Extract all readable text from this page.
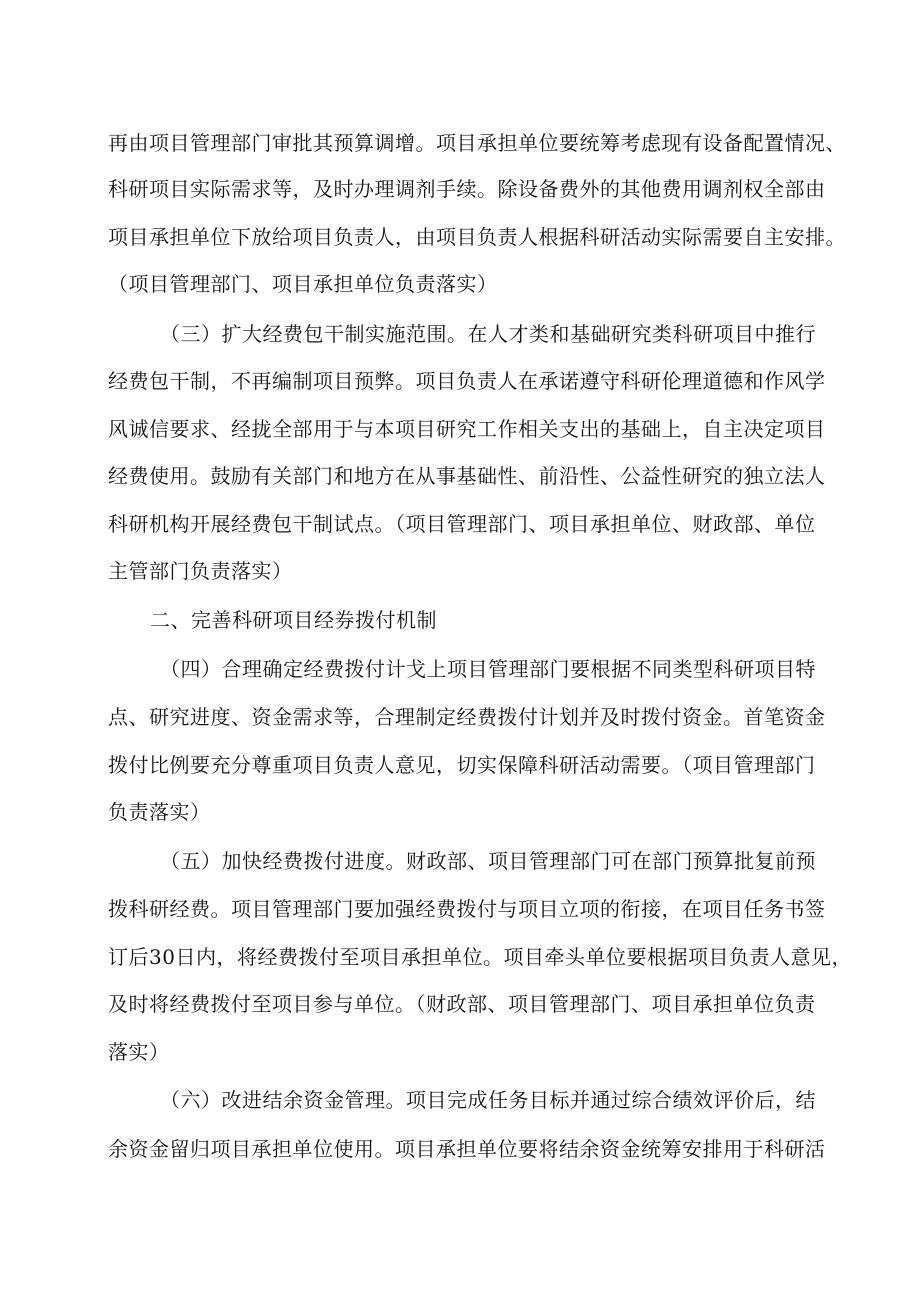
再由项目管理部门审批其预算调增。项目承担单位要统筹考虑现有设备配置情况、
科研项目实际需求等，及时办理调剂手续。除设备费外的其他费用调剂权全部由
项目承担单位下放给项目负责人，由项目负责人根据科研活动实际需要自主安排。
（项目管理部门、项目承担单位负责落实）
（三）扩大经费包干制实施范围。在人才类和基础研究类科研项目中推行
经费包干制，不再编制项目预弊。项目负责人在承诺遵守科研伦理道德和作风学
风诚信要求、经拢全部用于与本项目研究工作相关支出的基础上，自主决定项目
经费使用。鼓励有关部门和地方在从事基础性、前沿性、公益性研究的独立法人
科研机构开展经费包干制试点。（项目管理部门、项目承担单位、财政部、单位
主管部门负责落实）
二、完善科研项目经券拨付机制
（四）合理确定经费拨付计戈上项目管理部门要根据不同类型科研项目特
点、研究进度、资金需求等，合理制定经费拨付计划并及时拨付资金。首笔资金
拨付比例要充分尊重项目负责人意见，切实保障科研活动需要。（项目管理部门
负责落实）
（五）加快经费拨付进度。财政部、项目管理部门可在部门预算批复前预
拨科研经费。项目管理部门要加强经费拨付与项目立项的衔接，在项目任务书签
订后30日内，将经费拨付至项目承担单位。项目牵头单位要根据项目负责人意见，
及时将经费拨付至项目参与单位。（财政部、项目管理部门、项目承担单位负责
落实）
（六）改进结余资金管理。项目完成任务目标并通过综合绩效评价后，结
余资金留归项目承担单位使用。项目承担单位要将结余资金统筹安排用于科研活
